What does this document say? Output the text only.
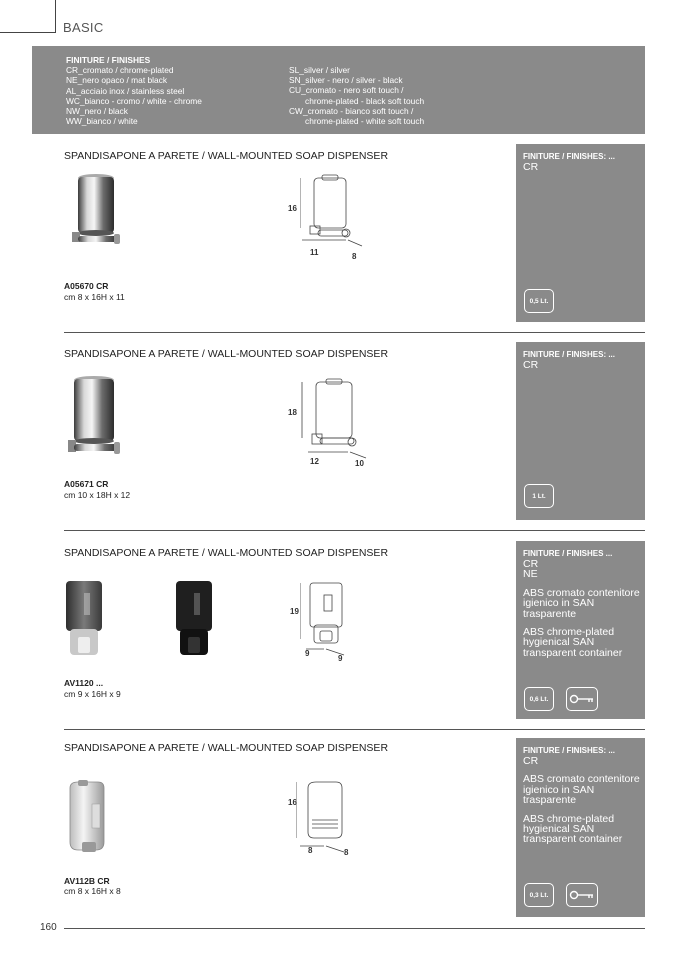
BASIC
FINITURE / FINISHES
CR_cromato / chrome-plated
NE_nero opaco / mat black
AL_acciaio inox / stainless steel
WC_bianco - cromo / white - chrome
NW_nero / black
WW_bianco / white
SL_silver / silver
SN_silver - nero / silver - black
CU_cromato - nero soft touch /
chrome-plated - black soft touch
CW_cromato - bianco soft touch /
chrome-plated - white soft touch
SPANDISAPONE A PARETE / WALL-MOUNTED SOAP DISPENSER
16
11	8
A05670 CR
cm 8 x 16H x 11
FINITURE / FINISHES: ...
CR
0,5 Lt.
SPANDISAPONE A PARETE / WALL-MOUNTED SOAP DISPENSER
18
12	10
A05671 CR
cm 10 x 18H x 12
FINITURE / FINISHES: ...
CR
1 Lt.
SPANDISAPONE A PARETE / WALL-MOUNTED SOAP DISPENSER
19
9
9
AV1120 ...
cm 9 x 16H x 9
FINITURE / FINISHES ...
CR
NE
ABS cromato contenitore igienico in SAN trasparente
ABS chrome-plated hygienical SAN transparent container
0,6 Lt.
SPANDISAPONE A PARETE / WALL-MOUNTED SOAP DISPENSER
16
8	8
AV112B CR
cm 8 x 16H x 8
FINITURE / FINISHES: ...
CR
ABS cromato contenitore igienico in SAN trasparente
ABS chrome-plated hygienical SAN transparent container
0,3 Lt.
160
